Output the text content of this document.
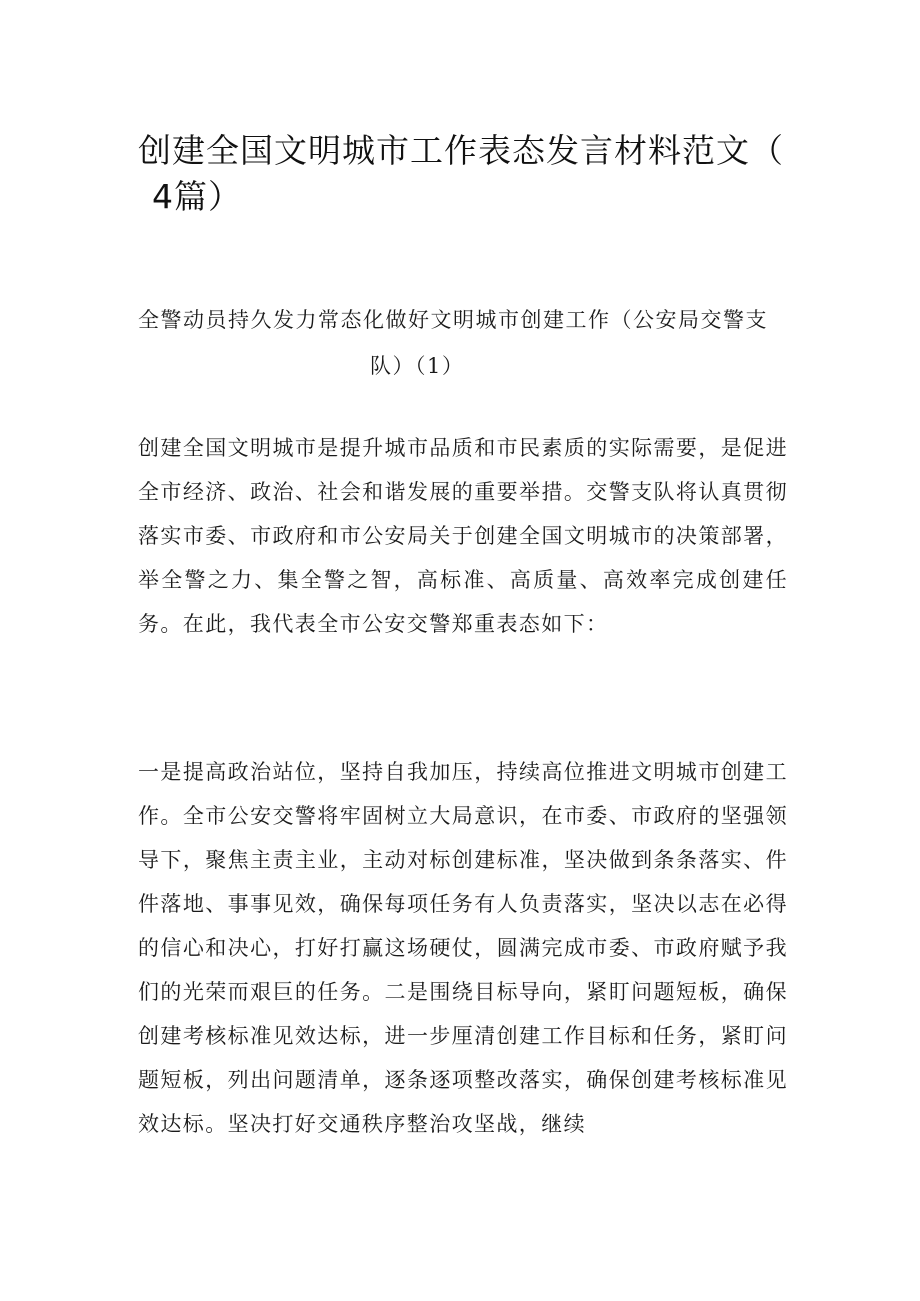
创建全国文明城市工作表态发言材料范文（
4篇）
全警动员持久发力常态化做好文明城市创建工作（公安局交警支
队）（1）

创建全国文明城市是提升城市品质和市民素质的实际需要，是促进全市经济、政治、社会和谐发展的重要举措。交警支队将认真贯彻落实市委、市政府和市公安局关于创建全国文明城市的决策部署，举全警之力、集全警之智，高标准、高质量、高效率完成创建任务。在此，我代表全市公安交警郑重表态如下：

一是提高政治站位，坚持自我加压，持续高位推进文明城市创建工作。全市公安交警将牢固树立大局意识，在市委、市政府的坚强领导下，聚焦主责主业，主动对标创建标准，坚决做到条条落实、件件落地、事事见效，确保每项任务有人负责落实，坚决以志在必得的信心和决心，打好打赢这场硬仗，圆满完成市委、市政府赋予我们的光荣而艰巨的任务。二是围绕目标导向，紧盯问题短板，确保创建考核标准见效达标，进一步厘清创建工作目标和任务，紧盯问题短板，列出问题清单，逐条逐项整改落实，确保创建考核标准见效达标。坚决打好交通秩序整治攻坚战，继续
